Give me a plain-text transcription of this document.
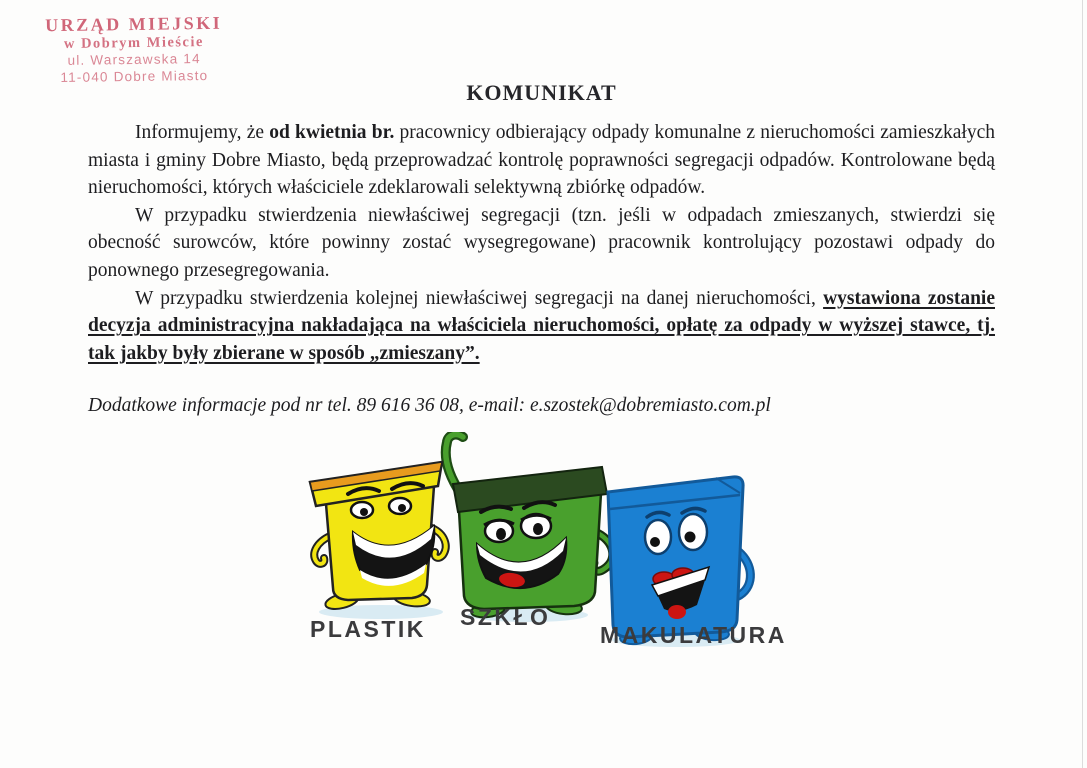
URZĄD MIEJSKI
w Dobrym Mieście
ul. Warszawska 14
11-040 Dobre Miasto
KOMUNIKAT

Informujemy, że od kwietnia br. pracownicy odbierający odpady komunalne z nieruchomości zamieszkałych miasta i gminy Dobre Miasto, będą przeprowadzać kontrolę poprawności segregacji odpadów. Kontrolowane będą nieruchomości, których właściciele zdeklarowali selektywną zbiórkę odpadów.

W przypadku stwierdzenia niewłaściwej segregacji (tzn. jeśli w odpadach zmieszanych, stwierdzi się obecność surowców, które powinny zostać wysegregowane) pracownik kontrolujący pozostawi odpady do ponownego przesegregowania.

W przypadku stwierdzenia kolejnej niewłaściwej segregacji na danej nieruchomości, wystawiona zostanie decyzja administracyjna nakładająca na właściciela nieruchomości, opłatę za odpady w wyższej stawce, tj. tak jakby były zbierane w sposób „zmieszany”.

Dodatkowe informacje pod nr tel. 89 616 36 08, e-mail: e.szostek@dobremiasto.com.pl
PLASTIK SZKŁO
MAKULATURA
